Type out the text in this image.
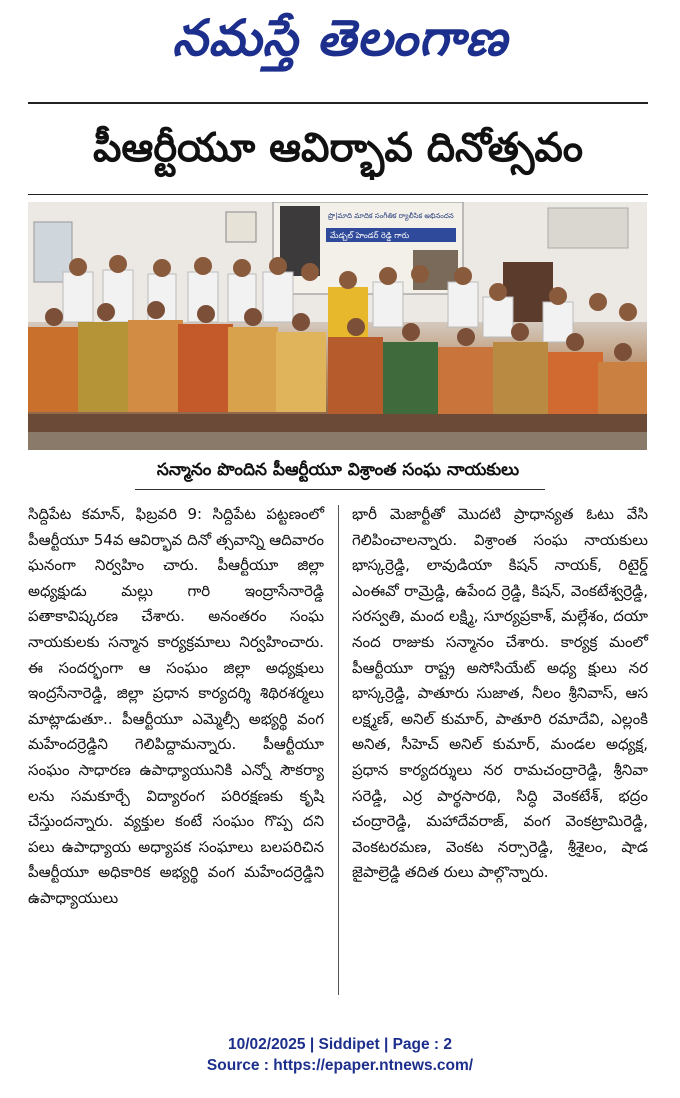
నమస్తే తెలంగాణ
పీఆర్టీయూ ఆవిర్భావ దినోత్సవం
ప్రొ|మాది మాదిక సంగీతిక ర్యాలీసిక అభినందన
మేడ్చల్ హెండర్ రెడ్డి గారు
సన్మానం పొందిన పీఆర్టీయూ విశ్రాంత సంఘ నాయకులు

సిద్దిపేట కమాన్, ఫిబ్రవరి 9: సిద్దిపేట పట్టణంలో పీఆర్టీయూ 54వ ఆవిర్భావ దినో త్సవాన్ని ఆదివారం ఘనంగా నిర్వహిం చారు. పీఆర్టీయూ జిల్లా అధ్యక్షుడు మల్లు గారి ఇంద్రాసేనారెడ్డి పతాకావిష్కరణ చేశారు. అనంతరం సంఘ నాయకులకు సన్మాన కార్యక్రమాలు నిర్వహించారు. ఈ సందర్భంగా ఆ సంఘం జిల్లా అధ్యక్షులు ఇంద్రసేనారెడ్డి, జిల్లా ప్రధాన కార్యదర్శి శిథిరశర్మలు మాట్లాడుతూ.. పీఆర్టీయూ ఎమ్మెల్సీ అభ్యర్థి వంగ మహేందర్రెడ్డిని గెలిపిద్దామన్నారు. పీఆర్టీయూ సంఘం సాధారణ ఉపాధ్యాయునికి ఎన్నో సౌకర్యా లను సమకూర్చే విద్యారంగ పరిరక్షణకు కృషి చేస్తుందన్నారు. వ్యక్తుల కంటే సంఘం గొప్ప దని పలు ఉపాధ్యాయ అధ్యాపక సంఘాలు బలపరిచిన పీఆర్టీయూ అధికారిక అభ్యర్థి వంగ మహేందర్రెడ్డిని ఉపాధ్యాయులు

భారీ మెజార్టీతో మొదటి ప్రాధాన్యత ఓటు వేసి గెలిపించాలన్నారు. విశ్రాంత సంఘ నాయకులు భాస్కర్రెడ్డి, లావుడియా కిషన్ నాయక్, రిటైర్డ్ ఎంఈవో రామ్రెడ్డి, ఉపేంద ర్రెడ్డి, కిషన్, వెంకటేశ్వర్రెడ్డి, సరస్వతి, మంద లక్ష్మి, సూర్యప్రకాశ్, మల్లేశం, దయా నంద రాజుకు సన్మానం చేశారు. కార్యక్ర మంలో పీఆర్టీయూ రాష్ట్ర అసోసియేట్ అధ్య క్షులు నర భాస్కర్రెడ్డి, పాతూరు సుజాత, నీలం శ్రీనివాస్, ఆస లక్ష్మణ్, అనిల్ కుమార్, పాతూరి రమాదేవి, ఎల్లంకి అనిత, సీహెచ్ అనిల్ కుమార్, మండల అధ్యక్ష, ప్రధాన కార్యదర్శులు నర రామచంద్రారెడ్డి, శ్రీనివా సరెడ్డి, ఎర్ర పార్థసారథి, సిద్ధి వెంకటేశ్, భద్రం చంద్రారెడ్డి, మహాదేవరాజ్, వంగ వెంకట్రామిరెడ్డి, వెంకటరమణ, వెంకట నర్సారెడ్డి, శ్రీశైలం, షాడ జైపాల్రెడ్డి తదిత రులు పాల్గొన్నారు.

10/02/2025 | Siddipet | Page : 2
Source : https://epaper.ntnews.com/
